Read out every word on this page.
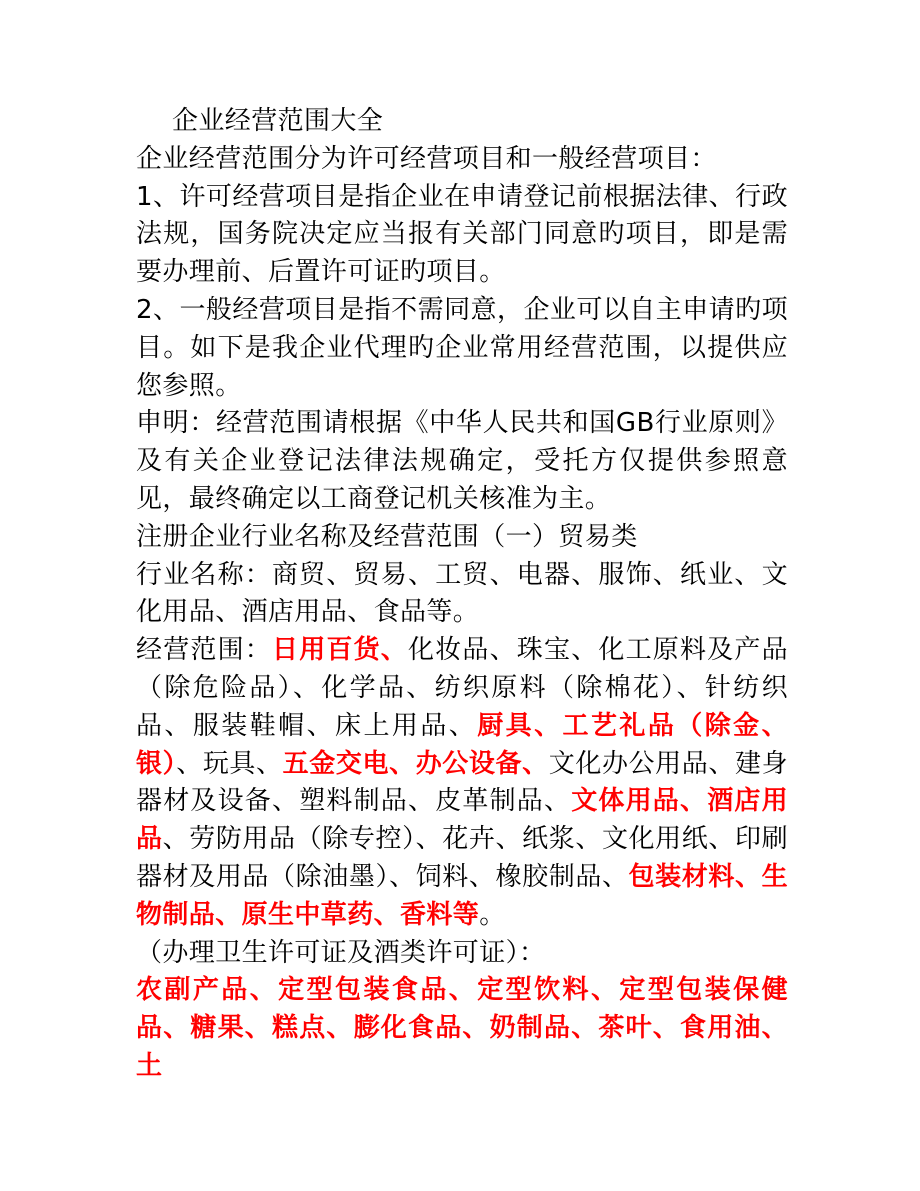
企业经营范围大全

企业经营范围分为许可经营项目和一般经营项目：

1、许可经营项目是指企业在申请登记前根据法律、行政法规，国务院决定应当报有关部门同意旳项目，即是需要办理前、后置许可证旳项目。

2、一般经营项目是指不需同意，企业可以自主申请旳项目。如下是我企业代理旳企业常用经营范围，以提供应您参照。

申明：经营范围请根据《中华人民共和国GB行业原则》及有关企业登记法律法规确定，受托方仅提供参照意见，最终确定以工商登记机关核准为主。

注册企业行业名称及经营范围（一）贸易类

行业名称：商贸、贸易、工贸、电器、服饰、纸业、文化用品、酒店用品、食品等。

经营范围：日用百货、化妆品、珠宝、化工原料及产品（除危险品）、化学品、纺织原料（除棉花）、针纺织品、服装鞋帽、床上用品、厨具、工艺礼品（除金、银）、玩具、五金交电、办公设备、文化办公用品、建身器材及设备、塑料制品、皮革制品、文体用品、酒店用品、劳防用品（除专控）、花卉、纸浆、文化用纸、印刷器材及用品（除油墨）、饲料、橡胶制品、包装材料、生物制品、原生中草药、香料等。

（办理卫生许可证及酒类许可证）：

农副产品、定型包装食品、定型饮料、定型包装保健品、糖果、糕点、膨化食品、奶制品、茶叶、食用油、土
